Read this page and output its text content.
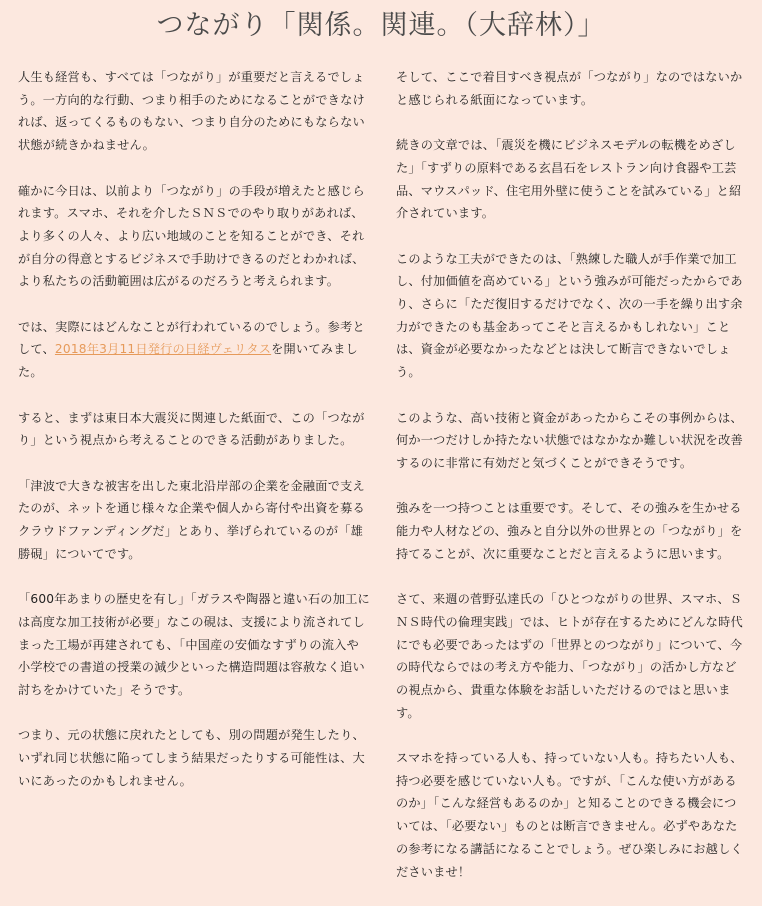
つながり「関係。関連。（大辞林）」

人生も経営も、すべては「つながり」が重要だと言えるでしょう。一方向的な行動、つまり相手のためになることができなければ、返ってくるものもない、つまり自分のためにもならない状態が続きかねません。

確かに今日は、以前より「つながり」の手段が増えたと感じられます。スマホ、それを介したＳＮＳでのやり取りがあれば、より多くの人々、より広い地域のことを知ることができ、それが自分の得意とするビジネスで手助けできるのだとわかれば、より私たちの活動範囲は広がるのだろうと考えられます。

では、実際にはどんなことが行われているのでしょう。参考として、2018年3月11日発行の日経ヴェリタスを開いてみました。

すると、まずは東日本大震災に関連した紙面で、この「つながり」という視点から考えることのできる活動がありました。

「津波で大きな被害を出した東北沿岸部の企業を金融面で支えたのが、ネットを通じ様々な企業や個人から寄付や出資を募るクラウドファンディングだ」とあり、挙げられているのが「雄勝硯」についてです。

「600年あまりの歴史を有し」「ガラスや陶器と違い石の加工には高度な加工技術が必要」なこの硯は、支援により流されてしまった工場が再建されても、「中国産の安価なすずりの流入や小学校での書道の授業の減少といった構造問題は容赦なく追い討ちをかけていた」そうです。

つまり、元の状態に戻れたとしても、別の問題が発生したり、いずれ同じ状態に陥ってしまう結果だったりする可能性は、大いにあったのかもしれません。

そして、ここで着目すべき視点が「つながり」なのではないかと感じられる紙面になっています。

続きの文章では、「震災を機にビジネスモデルの転機をめざした」「すずりの原料である玄昌石をレストラン向け食器や工芸品、マウスパッド、住宅用外壁に使うことを試みている」と紹介されています。

このような工夫ができたのは、「熟練した職人が手作業で加工し、付加価値を高めている」という強みが可能だったからであり、さらに「ただ復旧するだけでなく、次の一手を繰り出す余力ができたのも基金あってこそと言えるかもしれない」ことは、資金が必要なかったなどとは決して断言できないでしょう。

このような、高い技術と資金があったからこその事例からは、何か一つだけしか持たない状態ではなかなか難しい状況を改善するのに非常に有効だと気づくことができそうです。

強みを一つ持つことは重要です。そして、その強みを生かせる能力や人材などの、強みと自分以外の世界との「つながり」を持てることが、次に重要なことだと言えるように思います。

さて、来週の菅野弘達氏の「ひとつながりの世界、スマホ、ＳＮＳ時代の倫理実践」では、ヒトが存在するためにどんな時代にでも必要であったはずの「世界とのつながり」について、今の時代ならではの考え方や能力、「つながり」の活かし方などの視点から、貴重な体験をお話しいただけるのではと思います。

スマホを持っている人も、持っていない人も。持ちたい人も、持つ必要を感じていない人も。ですが、「こんな使い方があるのか」「こんな経営もあるのか」と知ることのできる機会については、「必要ない」ものとは断言できません。必ずやあなたの参考になる講話になることでしょう。ぜひ楽しみにお越しくださいませ！
